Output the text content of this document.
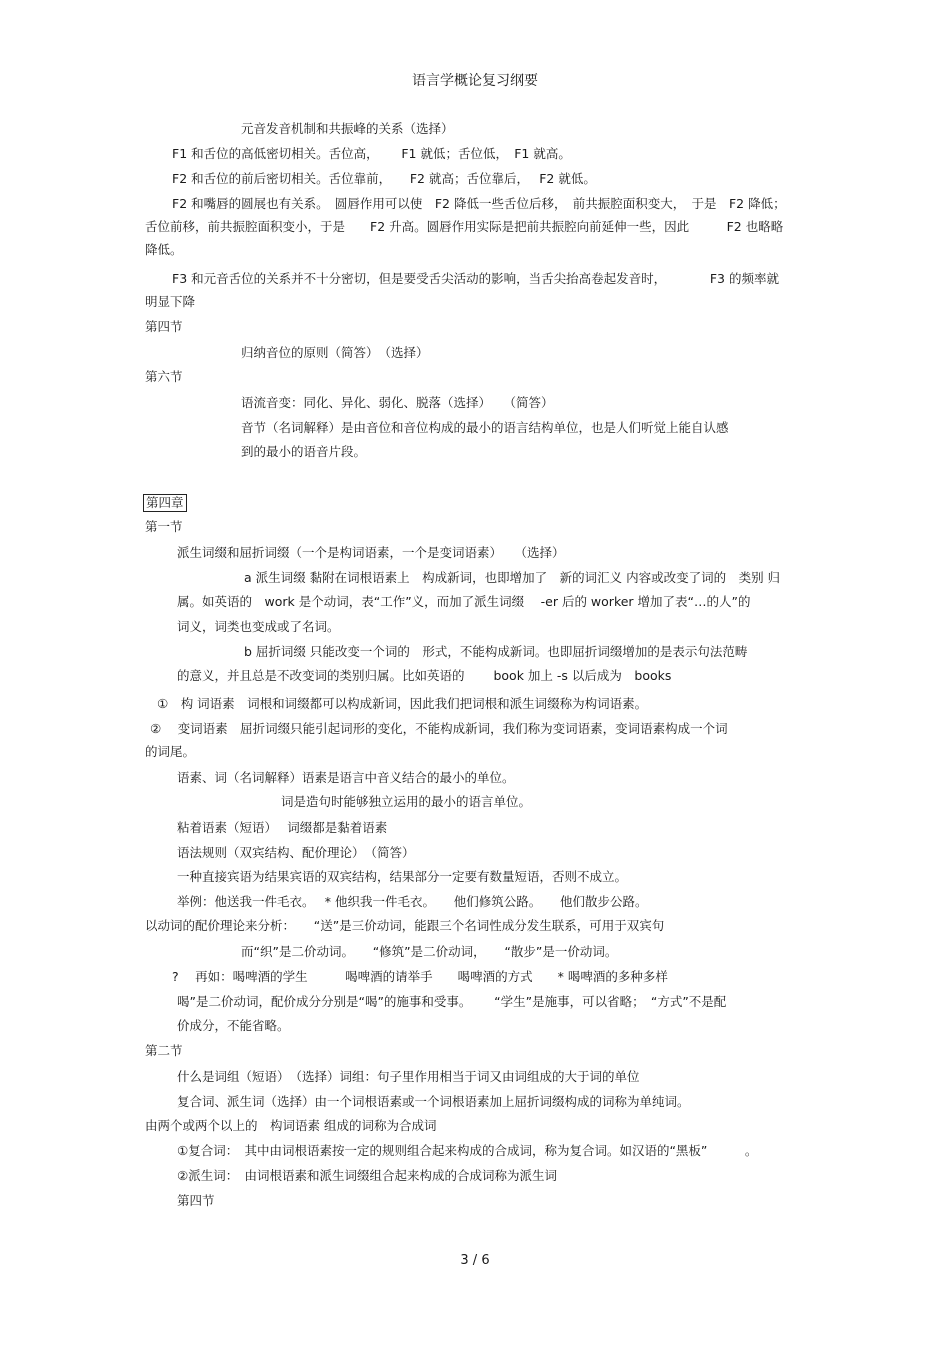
语言学概论复习纲要
元音发音机制和共振峰的关系（选择）
F1 和舌位的高低密切相关。舌位高，　　 F1 就低；舌位低，　F1 就高。
F2 和舌位的前后密切相关。舌位靠前，　　F2 就高；舌位靠后，　 F2 就低。
F2 和嘴唇的圆展也有关系。　圆唇作用可以使　F2 降低一些舌位后移，　前共振腔面积变大，　于是　F2 降低；
舌位前移，前共振腔面积变小，于是　　F2 升高。圆唇作用实际是把前共振腔向前延伸一些，因此　　　F2 也略略
降低。
F3 和元音舌位的关系并不十分密切，但是要受舌尖活动的影响，当舌尖抬高卷起发音时，　　　　F3 的频率就
明显下降
第四节
归纳音位的原则（简答）　（选择）
第六节
语流音变：同化、异化、弱化、脱落（选择）　　（简答）
音节（名词解释）是由音位和音位构成的最小的语言结构单位，也是人们听觉上能自认感
到的最小的语音片段。
第四章
第一节
派生词缀和屈折词缀（一个是构词语素，一个是变词语素）　　（选择）
a 派生词缀 黏附在词根语素上　构成新词，也即增加了　新的词汇义 内容或改变了词的　类别 归
属。如英语的　work 是个动词，表“工作”义，而加了派生词缀　 -er 后的 worker 增加了表“…的人”的
词义，词类也变成或了名词。
b 屈折词缀 只能改变一个词的　形式，不能构成新词。也即屈折词缀增加的是表示句法范畴
的意义，并且总是不改变词的类别归属。比如英语的　　 book 加上 -s 以后成为　books
①　构 词语素　词根和词缀都可以构成新词，因此我们把词根和派生词缀称为构词语素。
②　 变词语素　屈折词缀只能引起词形的变化，不能构成新词，我们称为变词语素，变词语素构成一个词
的词尾。
语素、词（名词解释）语素是语言中音义结合的最小的单位。
词是造句时能够独立运用的最小的语言单位。
粘着语素（短语）　 词缀都是黏着语素
语法规则（双宾结构、配价理论）　（简答）
一种直接宾语为结果宾语的双宾结构，结果部分一定要有数量短语，否则不成立。
举例：他送我一件毛衣。　 * 他织我一件毛衣。　　他们修筑公路。　　他们散步公路。
以动词的配价理论来分析：　　“送”是三价动词，能跟三个名词性成分发生联系，可用于双宾句
而“织”是二价动词。　　“修筑”是二价动词，　　“散步”是一价动词。
?　 再如：喝啤酒的学生　　　喝啤酒的请举手　　喝啤酒的方式　　* 喝啤酒的多种多样
喝”是二价动词，配价成分分别是“喝”的施事和受事。　　 “学生”是施事，可以省略；　“方式”不是配
价成分，不能省略。
第二节
什么是词组（短语）　（选择）词组：句子里作用相当于词又由词组成的大于词的单位
复合词、派生词（选择）由一个词根语素或一个词根语素加上屈折词缀构成的词称为单纯词。
由两个或两个以上的　构词语素 组成的词称为合成词
①复合词：　其中由词根语素按一定的规则组合起来构成的合成词，称为复合词。如汉语的“黑板”　　　。
②派生词：　由词根语素和派生词缀组合起来构成的合成词称为派生词
第四节
3 / 6
